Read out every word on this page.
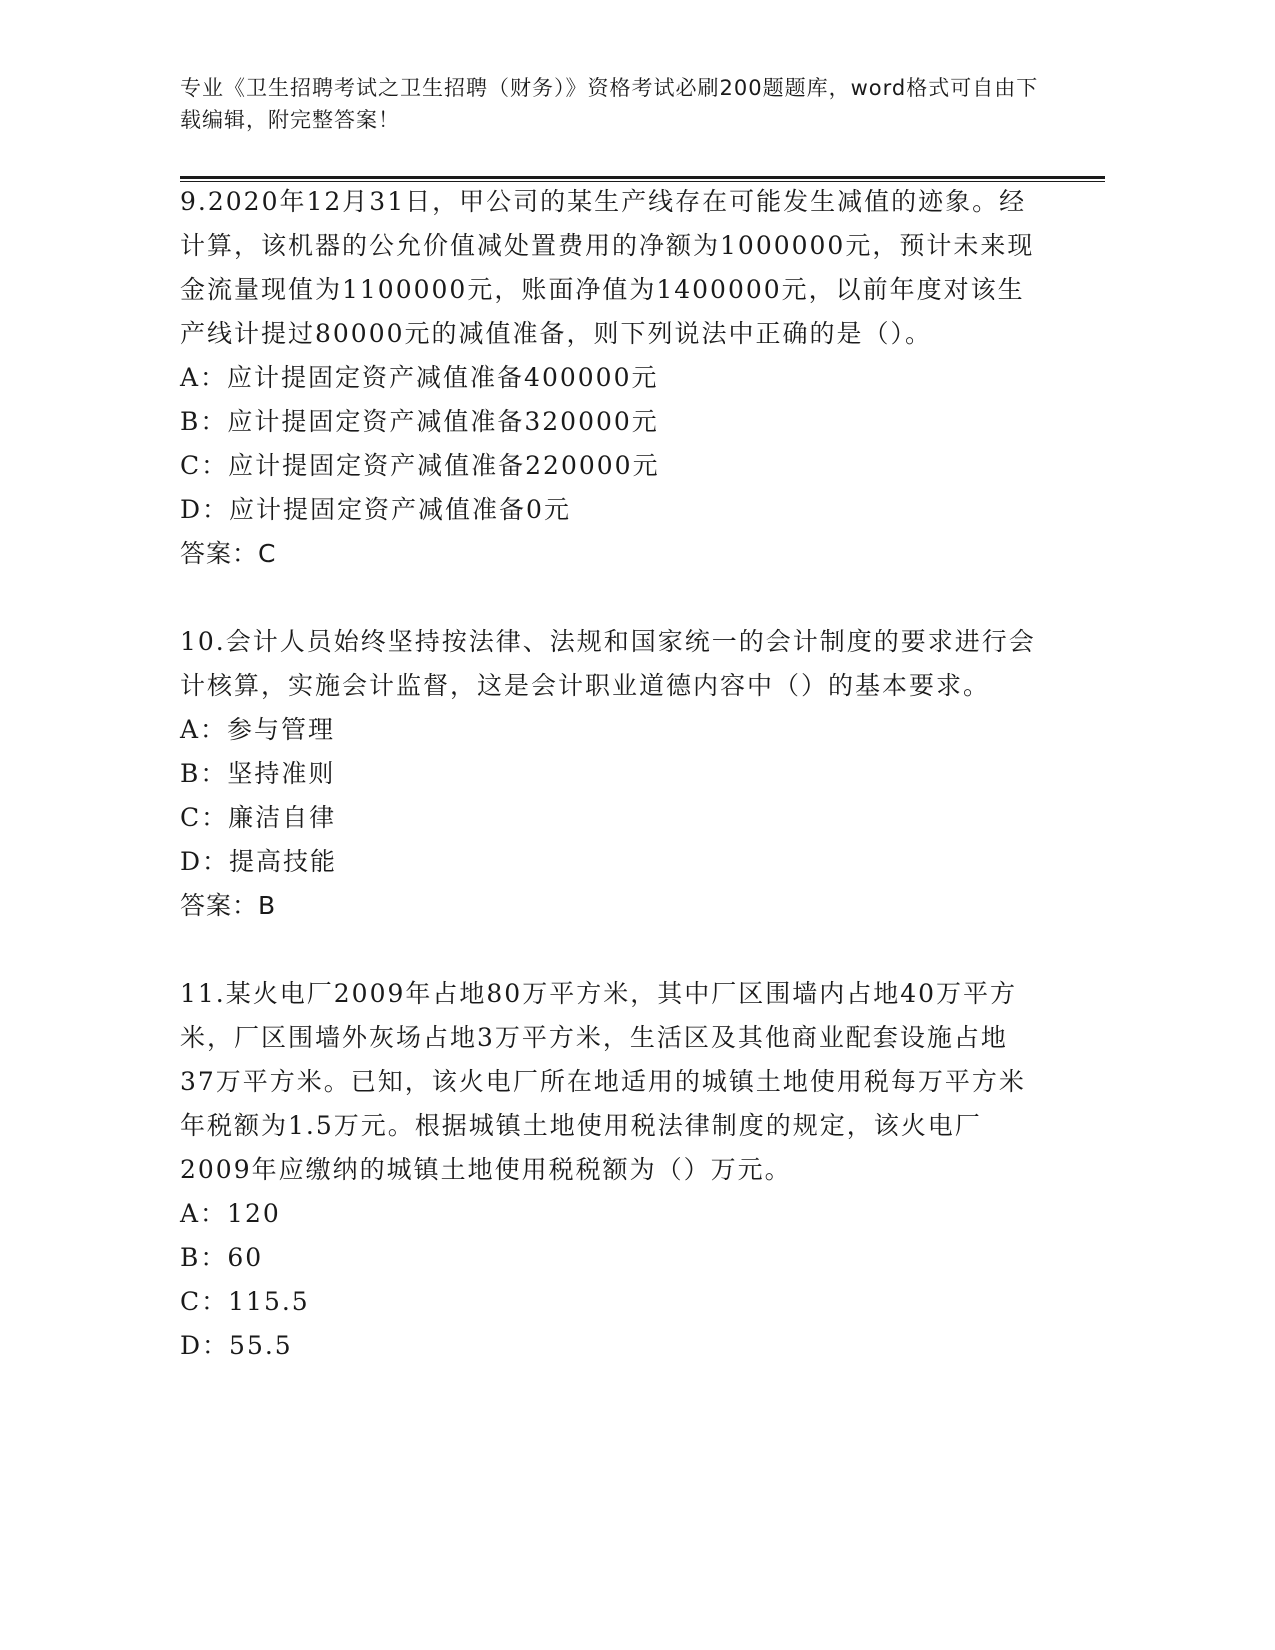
专业《卫生招聘考试之卫生招聘（财务）》资格考试必刷200题题库，word格式可自由下载编辑，附完整答案！

9.2020年12月31日，甲公司的某生产线存在可能发生减值的迹象。经计算，该机器的公允价值减处置费用的净额为1000000元，预计未来现金流量现值为1100000元，账面净值为1400000元，以前年度对该生产线计提过80000元的减值准备，则下列说法中正确的是（）。

A：应计提固定资产减值准备400000元

B：应计提固定资产减值准备320000元

C：应计提固定资产减值准备220000元

D：应计提固定资产减值准备0元

答案：C

10.会计人员始终坚持按法律、法规和国家统一的会计制度的要求进行会计核算，实施会计监督，这是会计职业道德内容中（）的基本要求。

A：参与管理

B：坚持准则

C：廉洁自律

D：提高技能

答案：B

11.某火电厂2009年占地80万平方米，其中厂区围墙内占地40万平方米，厂区围墙外灰场占地3万平方米，生活区及其他商业配套设施占地37万平方米。已知，该火电厂所在地适用的城镇土地使用税每万平方米年税额为1.5万元。根据城镇土地使用税法律制度的规定，该火电厂2009年应缴纳的城镇土地使用税税额为（）万元。

A：120

B：60

C：115.5

D：55.5
